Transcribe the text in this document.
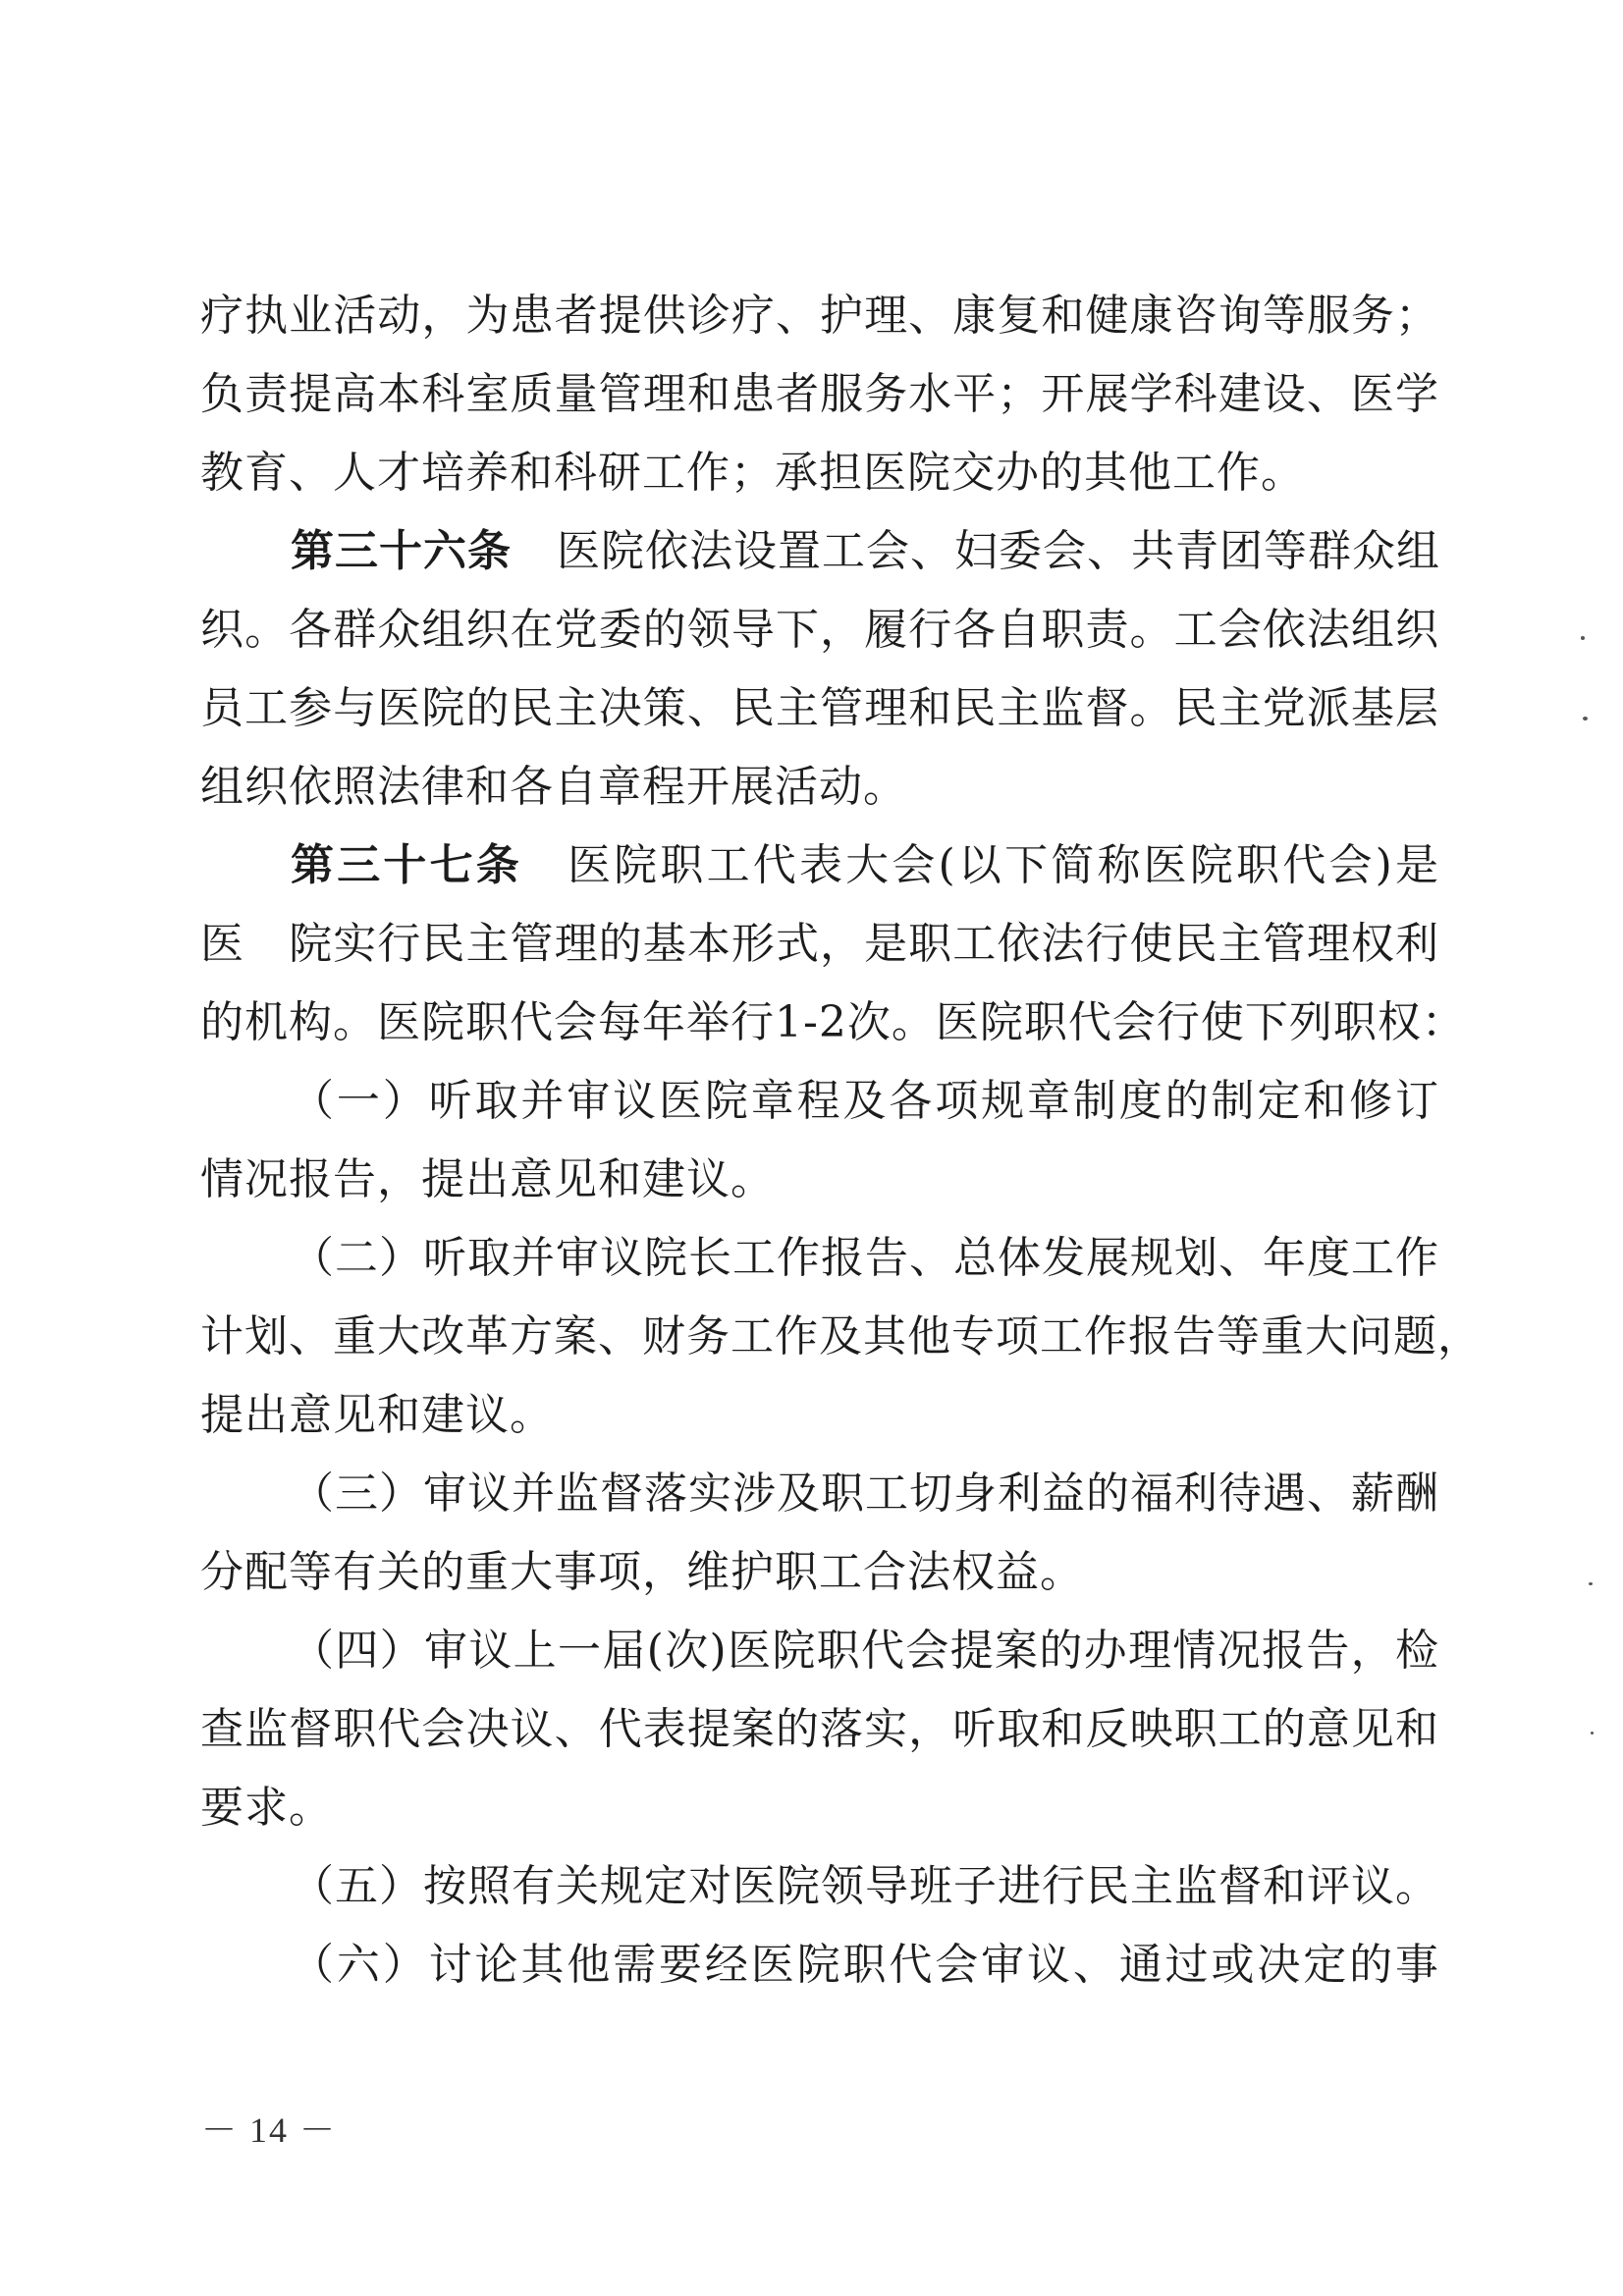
疗执业活动，为患者提供诊疗、护理、康复和健康咨询等服务；
负责提高本科室质量管理和患者服务水平；开展学科建设、医学
教育、人才培养和科研工作；承担医院交办的其他工作。
第三十六条 医院依法设置工会、妇委会、共青团等群众组
织。各群众组织在党委的领导下，履行各自职责。工会依法组织
员工参与医院的民主决策、民主管理和民主监督。民主党派基层
组织依照法律和各自章程开展活动。
第三十七条 医院职工代表大会(以下简称医院职代会)是
医　院实行民主管理的基本形式，是职工依法行使民主管理权利
的机构。医院职代会每年举行1-2次。医院职代会行使下列职权：
（一）听取并审议医院章程及各项规章制度的制定和修订
情况报告，提出意见和建议。
（二）听取并审议院长工作报告、总体发展规划、年度工作
计划、重大改革方案、财务工作及其他专项工作报告等重大问题，
提出意见和建议。
（三）审议并监督落实涉及职工切身利益的福利待遇、薪酬
分配等有关的重大事项，维护职工合法权益。
（四）审议上一届(次)医院职代会提案的办理情况报告，检
查监督职代会决议、代表提案的落实，听取和反映职工的意见和
要求。
（五）按照有关规定对医院领导班子进行民主监督和评议。
（六）讨论其他需要经医院职代会审议、通过或决定的事
－ 14 －
